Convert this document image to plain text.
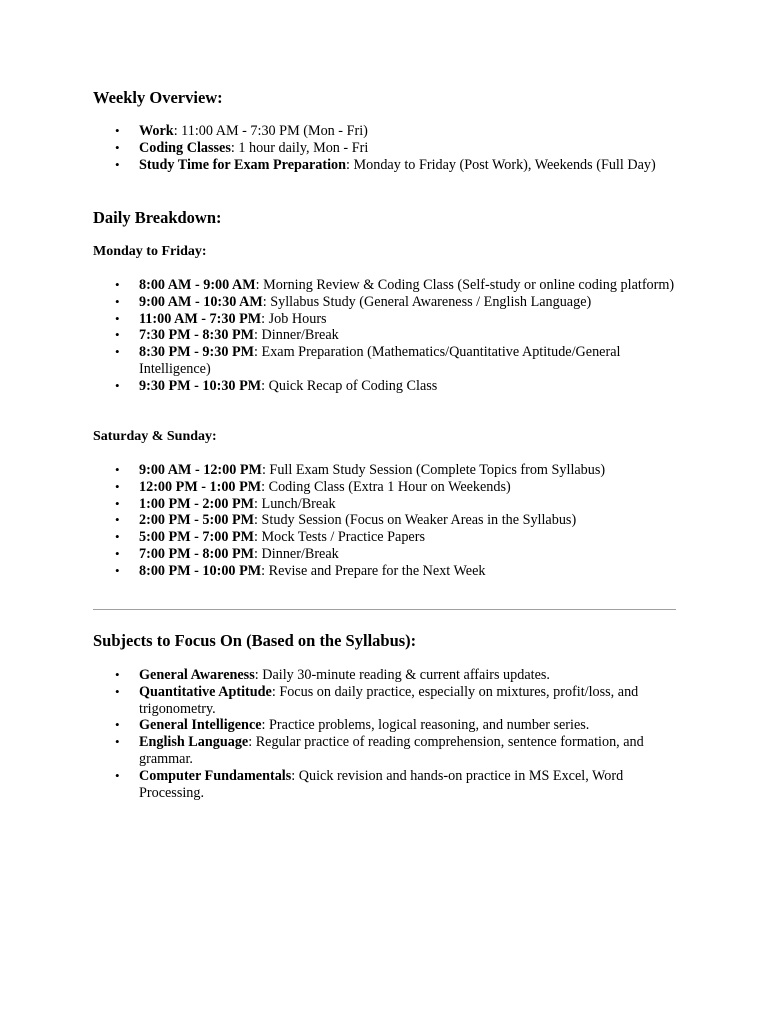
Weekly Overview:
• Work: 11:00 AM - 7:30 PM (Mon - Fri)
• Coding Classes: 1 hour daily, Mon - Fri
• Study Time for Exam Preparation: Monday to Friday (Post Work), Weekends (Full Day)
Daily Breakdown:
Monday to Friday:
• 8:00 AM - 9:00 AM: Morning Review & Coding Class (Self-study or online coding platform)
• 9:00 AM - 10:30 AM: Syllabus Study (General Awareness / English Language)
• 11:00 AM - 7:30 PM: Job Hours
• 7:30 PM - 8:30 PM: Dinner/Break
• 8:30 PM - 9:30 PM: Exam Preparation (Mathematics/Quantitative Aptitude/General Intelligence)
• 9:30 PM - 10:30 PM: Quick Recap of Coding Class
Saturday & Sunday:
• 9:00 AM - 12:00 PM: Full Exam Study Session (Complete Topics from Syllabus)
• 12:00 PM - 1:00 PM: Coding Class (Extra 1 Hour on Weekends)
• 1:00 PM - 2:00 PM: Lunch/Break
• 2:00 PM - 5:00 PM: Study Session (Focus on Weaker Areas in the Syllabus)
• 5:00 PM - 7:00 PM: Mock Tests / Practice Papers
• 7:00 PM - 8:00 PM: Dinner/Break
• 8:00 PM - 10:00 PM: Revise and Prepare for the Next Week
Subjects to Focus On (Based on the Syllabus):
• General Awareness: Daily 30-minute reading & current affairs updates.
• Quantitative Aptitude: Focus on daily practice, especially on mixtures, profit/loss, and trigonometry.
• General Intelligence: Practice problems, logical reasoning, and number series.
• English Language: Regular practice of reading comprehension, sentence formation, and grammar.
• Computer Fundamentals: Quick revision and hands-on practice in MS Excel, Word Processing.
